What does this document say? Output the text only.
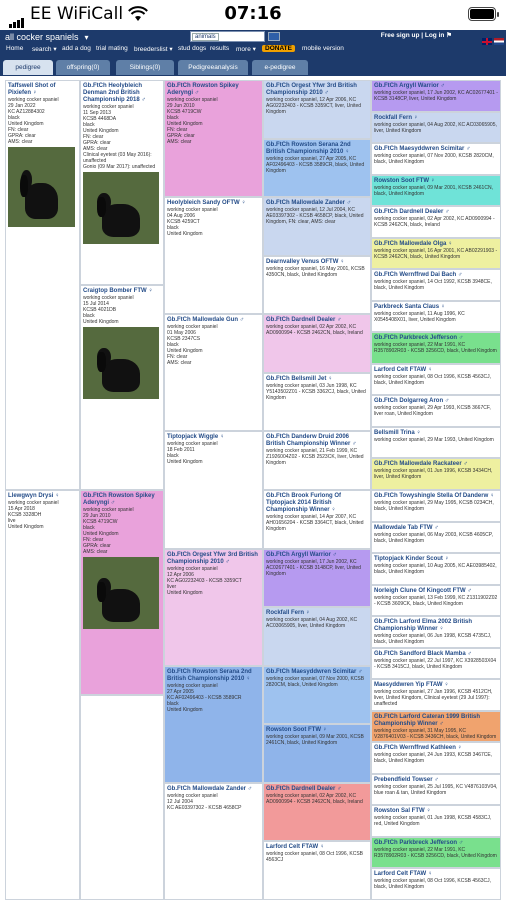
EE WiFiCall	07:16
all cocker spaniels ▾	animals	Free sign up | Log in ⚑
Home search ▾ add a dog trial mating breederslist ▾ stud dogs results more ▾	DONATE	mobile version
pedigree	offspring(0)	Siblings(0)	Pedigreeanalysis	e-pedigree
Taffswell Shot of Pixiefen ♀
working cocker spaniel
29 Jan 2022
KC AZ12884302
black
United Kingdom
FN: clear
GPRA: clear
AMS: clear
Llewgwyn Drysi ♀
working cocker spaniel
15 Apr 2018
KCSB 3328DH
live
United Kingdom
Gb.FtCh Heolybleich Denman 2nd British Championship 2018 ♂
working cocker spaniel
11 Sep 2013
KCSB 4468DA
black
United Kingdom
FN: clear
GPRA: clear
AMS: clear
Clinical eyetest (03 May 2016): unaffected
Gonio (09 Mar 2017): unaffected
Craigtop Bomber FTW ♀
working cocker spaniel
15 Jul 2014
KCSB 4021DB
black
United Kingdom
Gb.FtCh Rowston Spikey Aderyngi ♂
working cocker spaniel
29 Jun 2010
KCSB 4719CW
black
United Kingdom
FN: clear
GPRA: clear
AMS: clear
Gb.FtCh Rowston Spikey Aderyngi ♂
working cocker spaniel
29 Jun 2010
KCSB 4719CW
black
United Kingdom
FN: clear
GPRA: clear
AMS: clear
Heolybleich Sandy OFTW ♀
working cocker spaniel
04 Aug 2006
KCSB 4259CT
black
United Kingdom
Gb.FtCh Mallowdale Gun ♂
working cocker spaniel
01 May 2006
KCSB 2347CS
black
United Kingdom
FN: clear
AMS: clear
Tiptopjack Wiggle ♀
working cocker spaniel
18 Feb 2011
black
United Kingdom
Gb.FtCh Orgest Yfwr 3rd British Championship 2010 ♂
working cocker spaniel
12 Apr 2006
KC AG02232403 - KCSB 3359CT
liver
United Kingdom
Gb.FtCh Rowston Serana 2nd British Championship 2010 ♀
working cocker spaniel
27 Apr 2005
KC AF02496403 - KCSB 3589CR
black
United Kingdom
Gb.FtCh Mallowdale Zander ♂
working cocker spaniel
12 Jul 2004
KC AE03397302 - KCSB 4658CP
Gb.FtCh Orgest Yfwr 3rd British Championship 2010 ♂
working cocker spaniel, 12 Apr 2006, KC AG02232403 - KCSB 3359CT, liver, United Kingdom
Gb.FtCh Rowston Serana 2nd British Championship 2010 ♀
working cocker spaniel, 27 Apr 2005, KC AF02496403 - KCSB 3589CR, black, United Kingdom
Gb.FtCh Mallowdale Zander ♂
working cocker spaniel, 12 Jul 2004, KC AE03397302 - KCSB 4658CP, black, United Kingdom, FN: clear, AMS: clear
Dearnvalley Venus OFTW ♀
working cocker spaniel, 16 May 2001, KCSB 4350CN, black, United Kingdom
Gb.FtCh Dardnell Dealer ♂
working cocker spaniel, 02 Apr 2002, KC AD0900994 - KCSB 2462CN, black, Ireland
Gb.FtCh Bellsmill Jet ♀
working cocker spaniel, 03 Jun 1998, KC Y5143502Z01 - KCSB 3362CJ, black, United Kingdom
Gb.FtCh Danderw Druid 2006 British Championship Winner ♂
working cocker spaniel, 21 Feb 1999, KC Z1926004Z02 - KCSB 2523CK, liver, United Kingdom
Gb.FtCh Brook Furlong Of Tiptopjack 2014 British Championship Winner ♀
working cocker spaniel, 14 Apr 2007, KC AH01656204 - KCSB 3364CT, black, United Kingdom
Gb.FtCh Argyll Warrior ♂
working cocker spaniel, 17 Jun 2002, KC AC02677401 - KCSB 3148CP, liver, United Kingdom
Rockfall Fern ♀
working cocker spaniel, 04 Aug 2002, KC AC03065905, liver, United Kingdom
Gb.FtCh Maesyddwren Scimitar ♂
working cocker spaniel, 07 Nov 2000, KCSB 2820CM, black, United Kingdom
Rowston Soot FTW ♀
working cocker spaniel, 09 Mar 2001, KCSB 2461CN, black, United Kingdom
Gb.FtCh Dardnell Dealer ♂
working cocker spaniel, 02 Apr 2002, KC AD0900994 - KCSB 2462CN, black, Ireland
Larford Celt FTAW ♀
working cocker spaniel, 08 Oct 1996, KCSB 4563CJ
Gb.FtCh Argyll Warrior ♂
working cocker spaniel, 17 Jun 2002, KC AC02677401 - KCSB 3148CP, liver, United Kingdom
Rockfall Fern ♀
working cocker spaniel, 04 Aug 2002, KC AC03065905, liver, United Kingdom
Gb.FtCh Maesyddwren Scimitar ♂
working cocker spaniel, 07 Nov 2000, KCSB 2820CM, black, United Kingdom
Rowston Soot FTW ♀
working cocker spaniel, 09 Mar 2001, KCSB 2461CN, black, United Kingdom
Gb.FtCh Dardnell Dealer ♂
working cocker spaniel, 02 Apr 2002, KC AD0900994 - KCSB 2462CN, black, Ireland
Gb.FtCh Mallowdale Olga ♀
working cocker spaniel, 16 Apr 2001, KC AB02291903 - KCSB 2462CN, black, United Kingdom
Gb.FtCh Wernffrwd Dai Bach ♂
working cocker spaniel, 14 Oct 1992, KCSB 3948CE, black, United Kingdom
Parkbreck Santa Claus ♀
working cocker spaniel, 11 Aug 1996, KC X0545408X01, liver, United Kingdom
Gb.FtCh Parkbreck Jefferson ♂
working cocker spaniel, 22 Mar 1991, KC R3578902R03 - KCSB 3256CD, black, United Kingdom
Larford Celt FTAW ♀
working cocker spaniel, 08 Oct 1996, KCSB 4563CJ, black, United Kingdom
Gb.FtCh Dolgarreg Aron ♂
working cocker spaniel, 29 Apr 1993, KCSB 3667CF, liver roan, United Kingdom
Bellsmill Trina ♀
working cocker spaniel, 29 Mar 1993, United Kingdom
Gb.FtCh Mallowdale Rackateer ♂
working cocker spaniel, 01 Jun 1996, KCSB 3434CH, liver, United Kingdom
Gb.FtCh Towyshingle Stella Of Danderw ♀
working cocker spaniel, 29 May 1995, KCSB 0234CH, black, United Kingdom
Mallowdale Tab FTW ♂
working cocker spaniel, 06 May 2003, KCSB 4605CP, black, United Kingdom
Tiptopjack Kinder Scout ♀
working cocker spaniel, 10 Aug 2005, KC AE03985402, black, United Kingdom
Norleigh Clune Of Kingcott FTW ♂
working cocker spaniel, 13 Feb 1999, KC Z1311902Z02 - KCSB 3609CK, black, United Kingdom
Gb.FtCh Larford Elma 2002 British Championship Winner ♀
working cocker spaniel, 06 Jun 1998, KCSB 4735CJ, black, United Kingdom
Gb.FtCh Sandford Black Mamba ♂
working cocker spaniel, 22 Jul 1997, KC X3928503X04 - KCSB 3415CJ, black, United Kingdom
Maesyddwren Yip FTAW ♀
working cocker spaniel, 27 Jan 1996, KCSB 4512CH, liver, United Kingdom, Clinical eyetest (29 Jul 1997): unaffected
Gb.FtCh Larford Cateran 1999 British Championship Winner ♂
working cocker spaniel, 31 May 1995, KC V2876401V03 - KCSB 3436CH, black, United Kingdom
Gb.FtCh Wernffrwd Kathleen ♀
working cocker spaniel, 24 Jun 1993, KCSB 3467CE, black, United Kingdom
Prebendfield Towser ♂
working cocker spaniel, 25 Jul 1995, KC V4876103V04, blue roan & tan, United Kingdom
Rowston Sal FTW ♀
working cocker spaniel, 01 Jun 1998, KCSB 4583CJ, red, United Kingdom
Gb.FtCh Parkbreck Jefferson ♂
working cocker spaniel, 22 Mar 1991, KC R3578902R03 - KCSB 3256CD, black, United Kingdom
Larford Celt FTAW ♀
working cocker spaniel, 08 Oct 1996, KCSB 4563CJ, black, United Kingdom
